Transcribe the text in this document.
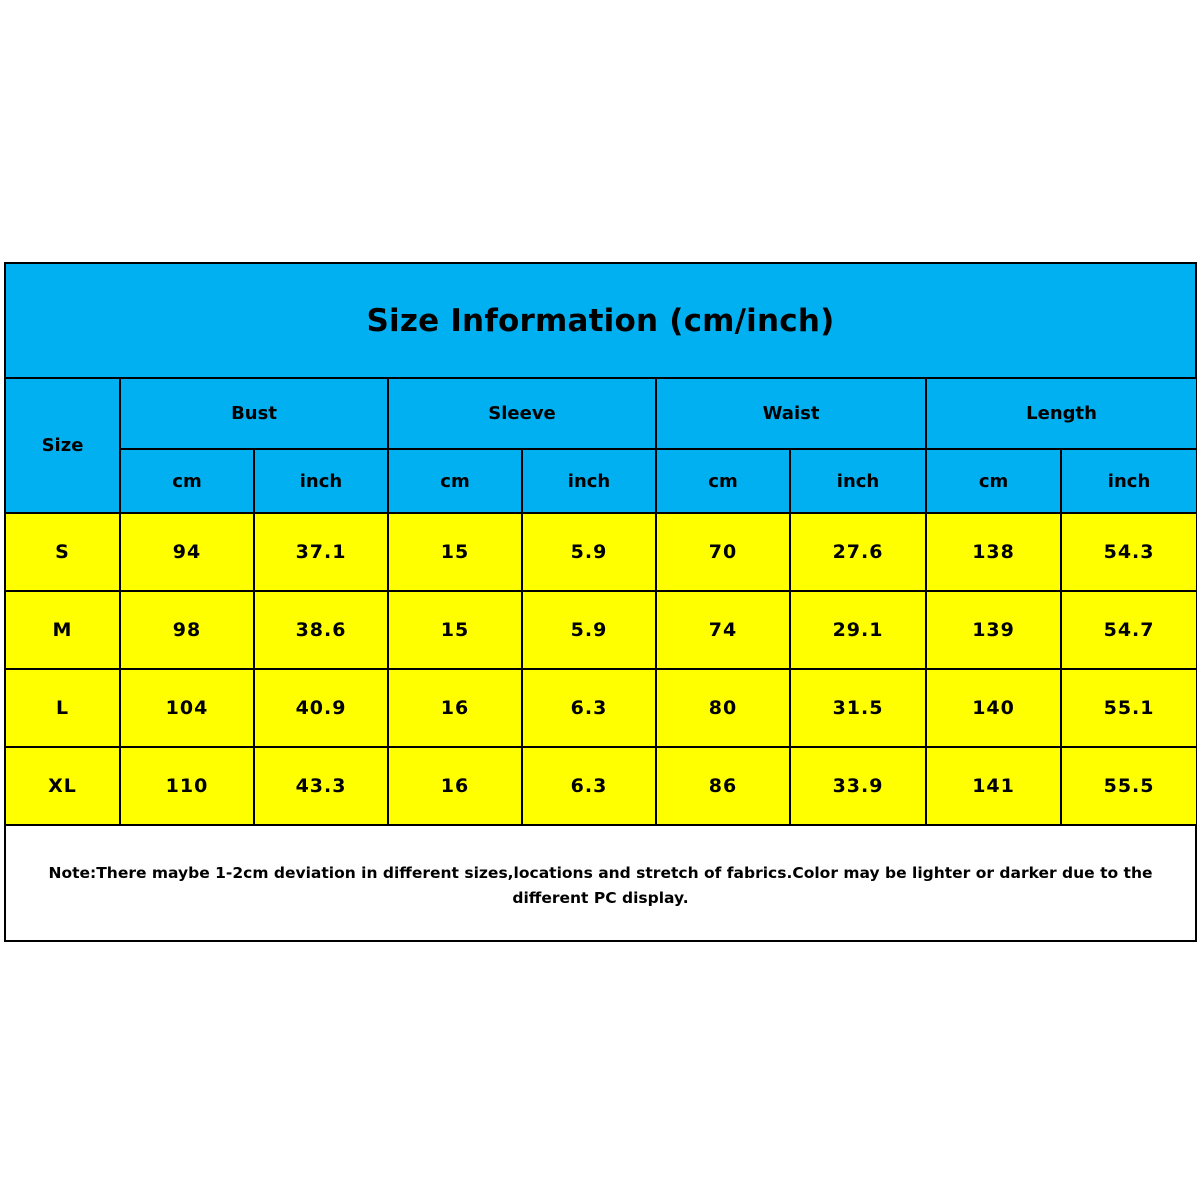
Size Information (cm/inch)
Size	Bust		Sleeve		Waist		Length	
	cm	inch	cm	inch	cm	inch	cm	inch
S	94	37.1	15	5.9	70	27.6	138	54.3
M	98	38.6	15	5.9	74	29.1	139	54.7
L	104	40.9	16	6.3	80	31.5	140	55.1
XL	110	43.3	16	6.3	86	33.9	141	55.5
Note:There maybe 1-2cm deviation in different sizes,locations and stretch of fabrics.Color may be lighter or darker due to the different PC display.
